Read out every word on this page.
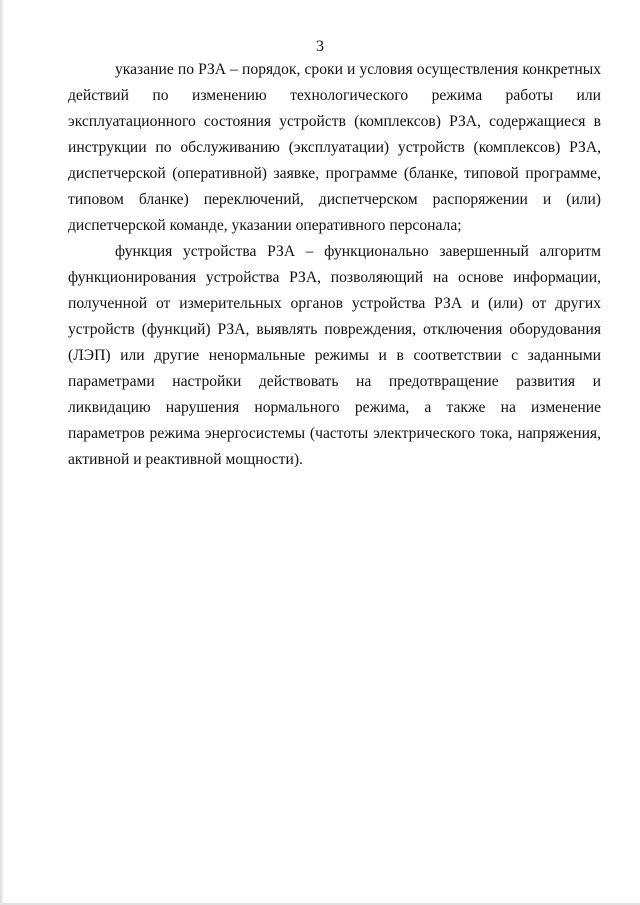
3

указание по РЗА – порядок, сроки и условия осуществления конкретных действий по изменению технологического режима работы или эксплуатационного состояния устройств (комплексов) РЗА, содержащиеся в инструкции по обслуживанию (эксплуатации) устройств (комплексов) РЗА, диспетчерской (оперативной) заявке, программе (бланке, типовой программе, типовом бланке) переключений, диспетчерском распоряжении и (или) диспетчерской команде, указании оперативного персонала;

функция устройства РЗА – функционально завершенный алгоритм функционирования устройства РЗА, позволяющий на основе информации, полученной от измерительных органов устройства РЗА и (или) от других устройств (функций) РЗА, выявлять повреждения, отключения оборудования (ЛЭП) или другие ненормальные режимы и в соответствии с заданными параметрами настройки действовать на предотвращение развития и ликвидацию нарушения нормального режима, а также на изменение параметров режима энергосистемы (частоты электрического тока, напряжения, активной и реактивной мощности).
